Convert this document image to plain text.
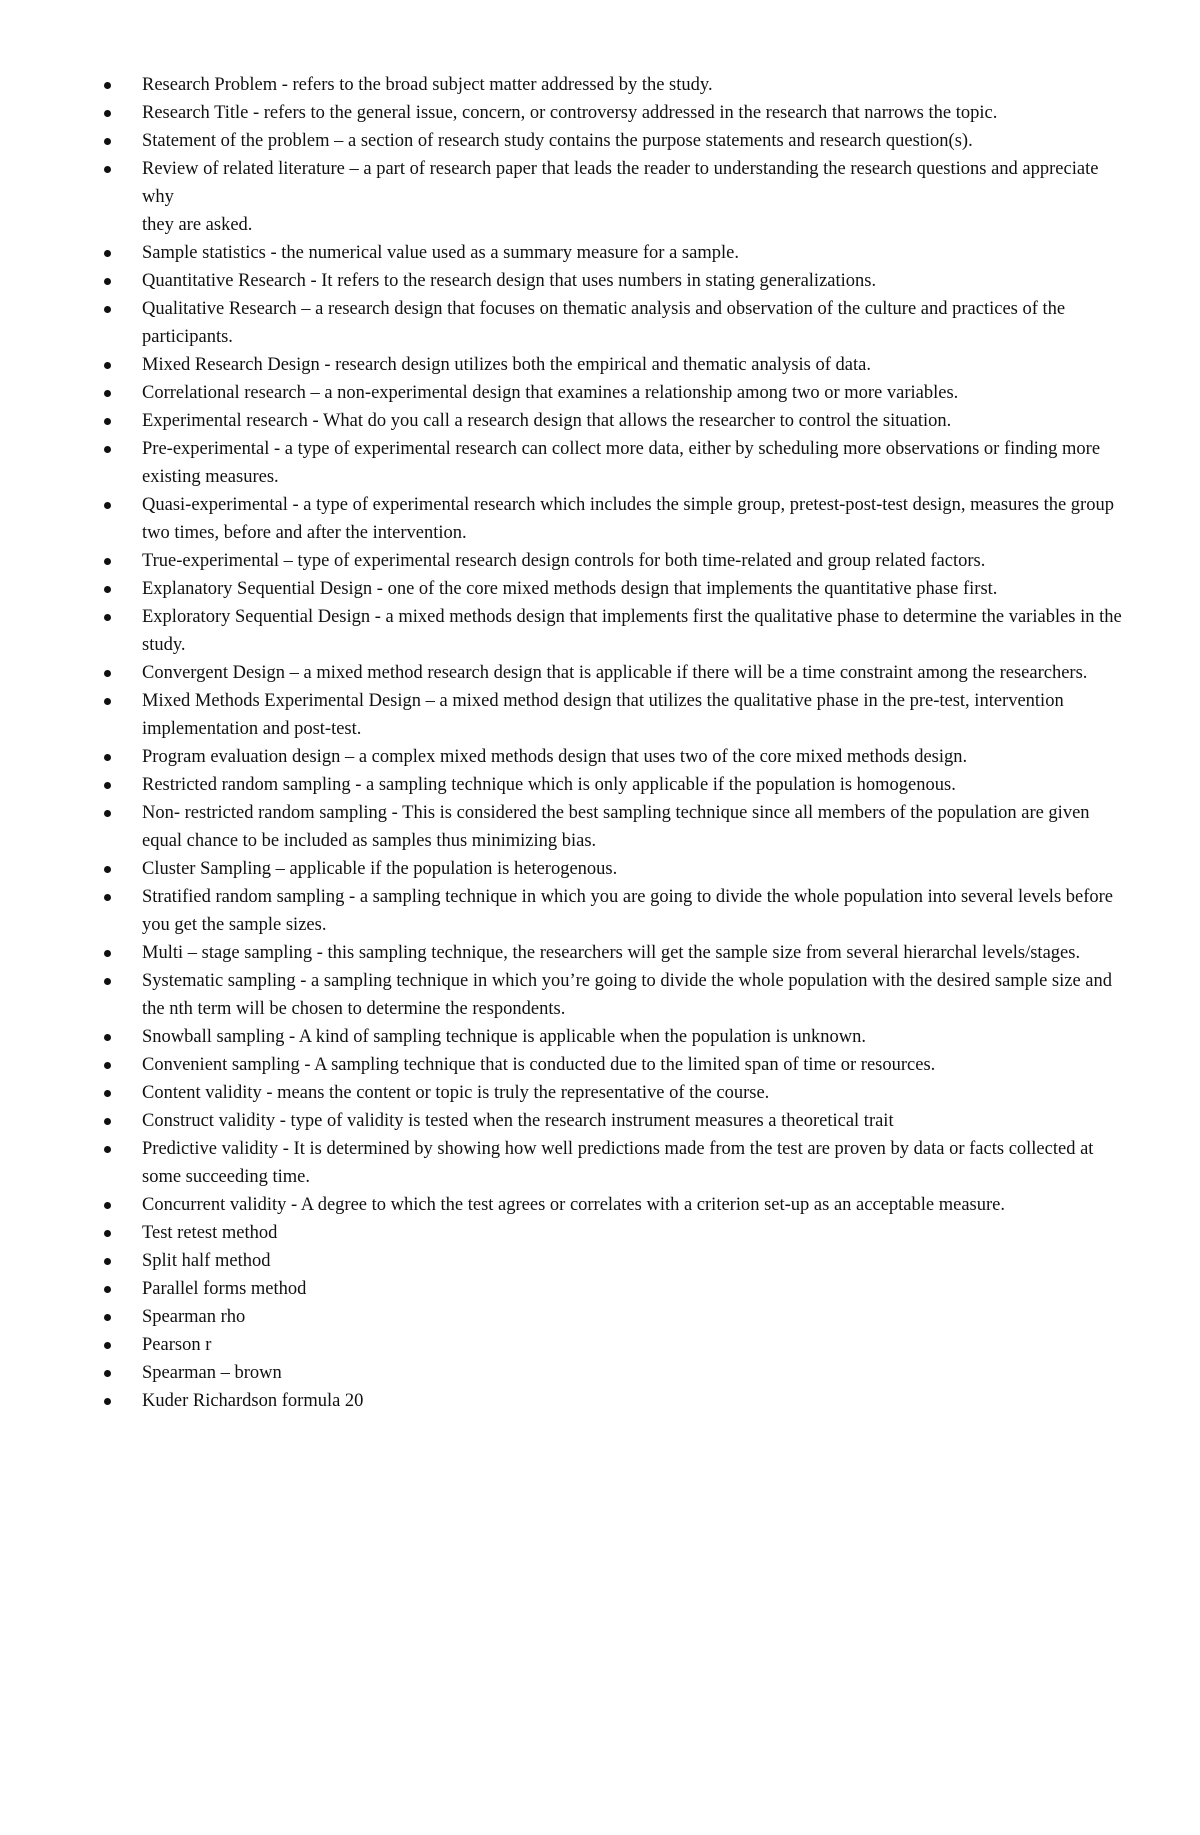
Research Problem - refers to the broad subject matter addressed by the study.
Research Title - refers to the general issue, concern, or controversy addressed in the research that narrows the topic.
Statement of the problem – a section of research study contains the purpose statements and research question(s).
Review of related literature – a part of research paper that leads the reader to understanding the research questions and appreciate why
they are asked.
Sample statistics - the numerical value used as a summary measure for a sample.
Quantitative Research - It refers to the research design that uses numbers in stating generalizations.
Qualitative Research – a research design that focuses on thematic analysis and observation of the culture and practices of the participants.
Mixed Research Design - research design utilizes both the empirical and thematic analysis of data.
Correlational research – a non-experimental design that examines a relationship among two or more variables.
Experimental research - What do you call a research design that allows the researcher to control the situation.
Pre-experimental - a type of experimental research can collect more data, either by scheduling more observations or finding more existing measures.
Quasi-experimental - a type of experimental research which includes the simple group, pretest-post-test design, measures the group two times, before and after the intervention.
True-experimental – type of experimental research design controls for both time-related and group related factors.
Explanatory Sequential Design - one of the core mixed methods design that implements the quantitative phase first.
Exploratory Sequential Design - a mixed methods design that implements first the qualitative phase to determine the variables in the study.
Convergent Design – a mixed method research design that is applicable if there will be a time constraint among the researchers.
Mixed Methods Experimental Design – a mixed method design that utilizes the qualitative phase in the pre-test, intervention implementation and post-test.
Program evaluation design – a complex mixed methods design that uses two of the core mixed methods design.
Restricted random sampling - a sampling technique which is only applicable if the population is homogenous.
Non- restricted random sampling - This is considered the best sampling technique since all members of the population are given equal chance to be included as samples thus minimizing bias.
Cluster Sampling – applicable if the population is heterogenous.
Stratified random sampling - a sampling technique in which you are going to divide the whole population into several levels before you get the sample sizes.
Multi – stage sampling - this sampling technique, the researchers will get the sample size from several hierarchal levels/stages.
Systematic sampling - a sampling technique in which you’re going to divide the whole population with the desired sample size and the nth term will be chosen to determine the respondents.
Snowball sampling - A kind of sampling technique is applicable when the population is unknown.
Convenient sampling - A sampling technique that is conducted due to the limited span of time or resources.
Content validity - means the content or topic is truly the representative of the course.
Construct validity - type of validity is tested when the research instrument measures a theoretical trait
Predictive validity - It is determined by showing how well predictions made from the test are proven by data or facts collected at some succeeding time.
Concurrent validity - A degree to which the test agrees or correlates with a criterion set-up as an acceptable measure.
Test retest method
Split half method
Parallel forms method
Spearman rho
Pearson r
Spearman – brown
Kuder Richardson formula 20
